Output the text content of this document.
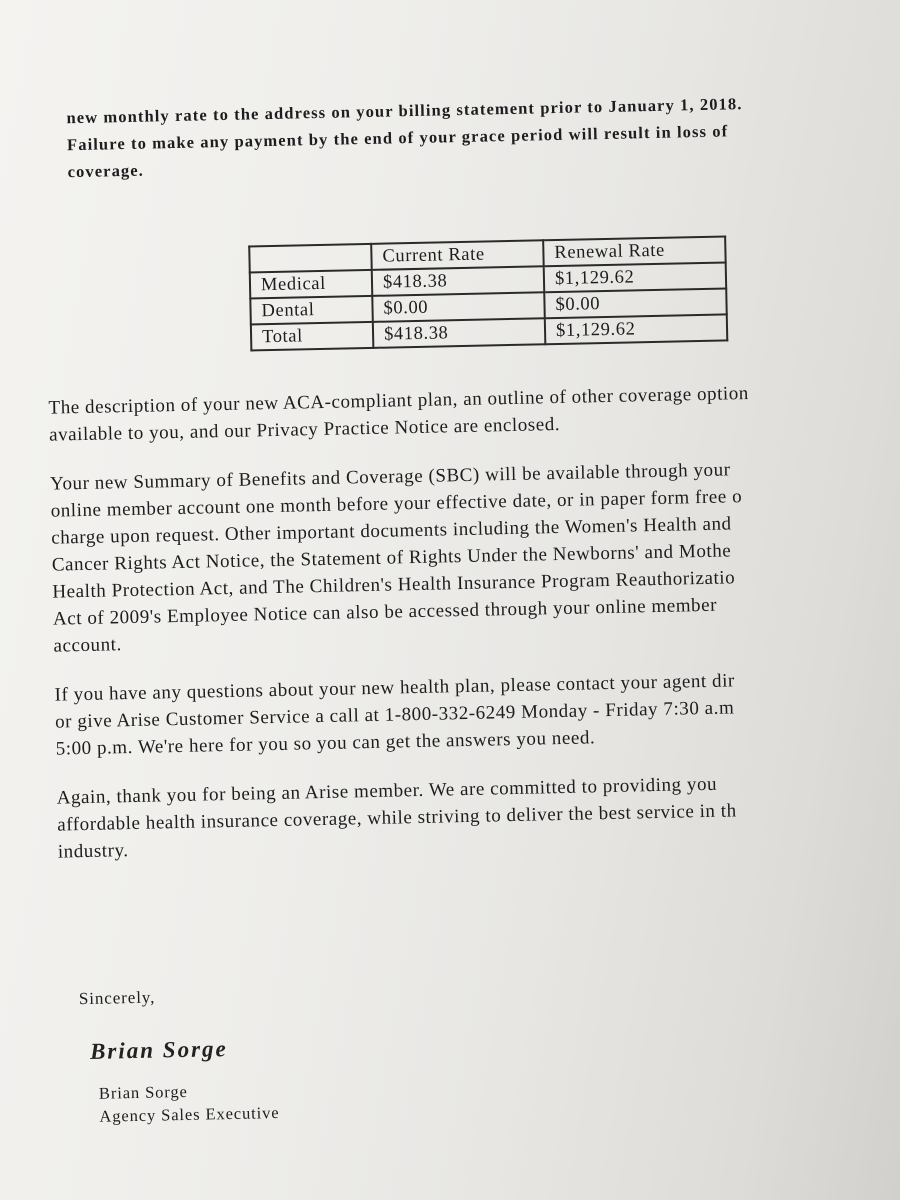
new monthly rate to the address on your billing statement prior to January 1, 2018.

Failure to make any payment by the end of your grace period will result in loss of

coverage.

	Current Rate	Renewal Rate
Medical	$418.38	$1,129.62
Dental	$0.00	$0.00
Total	$418.38	$1,129.62

The description of your new ACA-compliant plan, an outline of other coverage option
available to you, and our Privacy Practice Notice are enclosed.

Your new Summary of Benefits and Coverage (SBC) will be available through your
online member account one month before your effective date, or in paper form free o
charge upon request. Other important documents including the Women's Health and
Cancer Rights Act Notice, the Statement of Rights Under the Newborns' and Mothe
Health Protection Act, and The Children's Health Insurance Program Reauthorizatio
Act of 2009's Employee Notice can also be accessed through your online member
account.

If you have any questions about your new health plan, please contact your agent dir
or give Arise Customer Service a call at 1-800-332-6249 Monday - Friday 7:30 a.m
5:00 p.m. We're here for you so you can get the answers you need.

Again, thank you for being an Arise member. We are committed to providing you
affordable health insurance coverage, while striving to deliver the best service in th
industry.

Sincerely,
Brian Sorge
Brian Sorge
Agency Sales Executive
